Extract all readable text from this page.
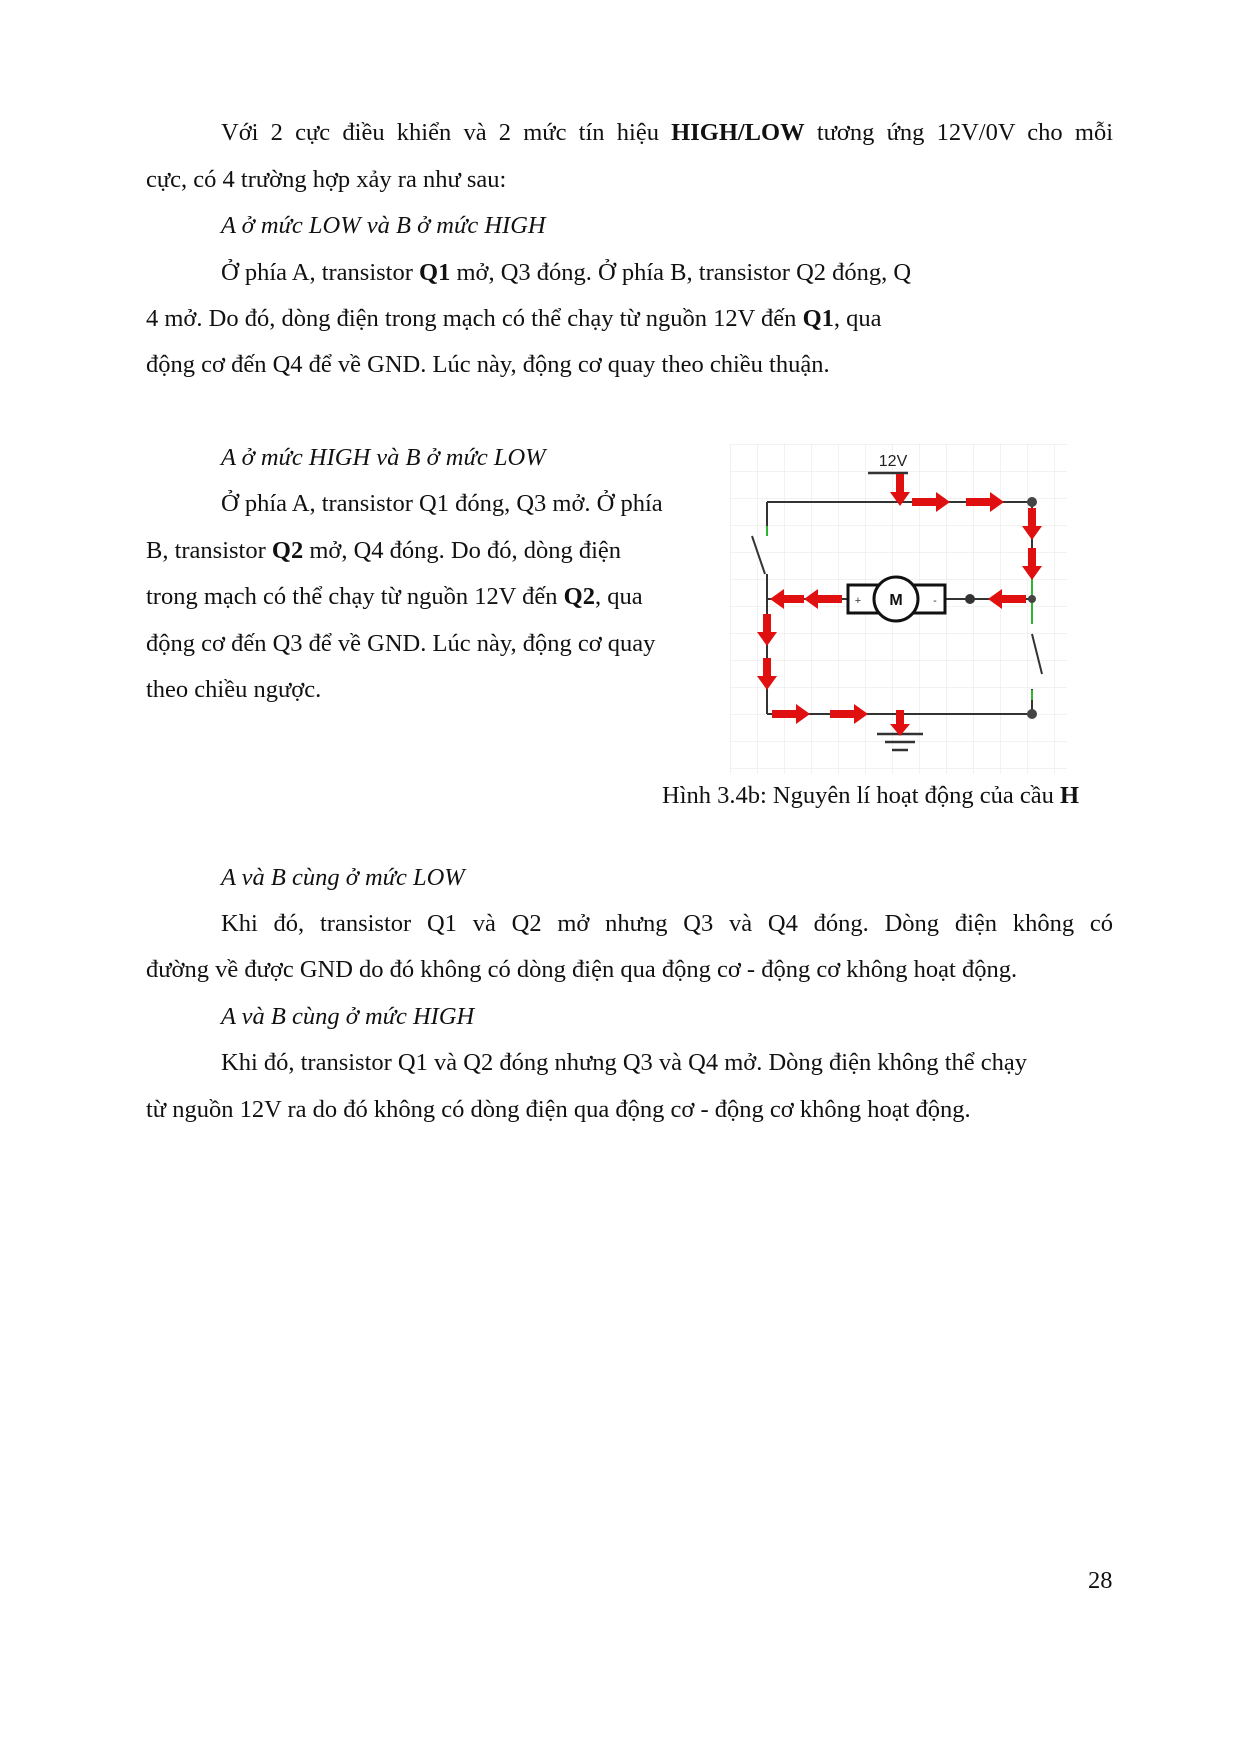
Với 2 cực điều khiển và 2 mức tín hiệu HIGH/LOW tương ứng 12V/0V cho mỗi
cực, có 4 trường hợp xảy ra như sau:
A ở mức LOW và B ở mức HIGH
Ở phía A, transistor Q1 mở, Q3 đóng. Ở phía B, transistor Q2 đóng, Q
4 mở. Do đó, dòng điện trong mạch có thể chạy từ nguồn 12V đến Q1, qua
động cơ đến Q4 để về GND. Lúc này, động cơ quay theo chiều thuận.
A ở mức HIGH và B ở mức LOW
Ở phía A, transistor Q1 đóng, Q3 mở. Ở phía
B, transistor Q2 mở, Q4 đóng. Do đó, dòng điện
trong mạch có thể chạy từ nguồn 12V đến Q2, qua
động cơ đến Q3 để về GND. Lúc này, động cơ quay
theo chiều ngược.
12V
M
+	-
Hình 3.4b: Nguyên lí hoạt động của cầu H
A và B cùng ở mức LOW
Khi đó, transistor Q1 và Q2 mở nhưng Q3 và Q4 đóng. Dòng điện không có
đường về được GND do đó không có dòng điện qua động cơ - động cơ không hoạt động.
A và B cùng ở mức HIGH
Khi đó, transistor Q1 và Q2 đóng nhưng Q3 và Q4 mở. Dòng điện không thể chạy
từ nguồn 12V ra do đó không có dòng điện qua động cơ - động cơ không hoạt động.
28
